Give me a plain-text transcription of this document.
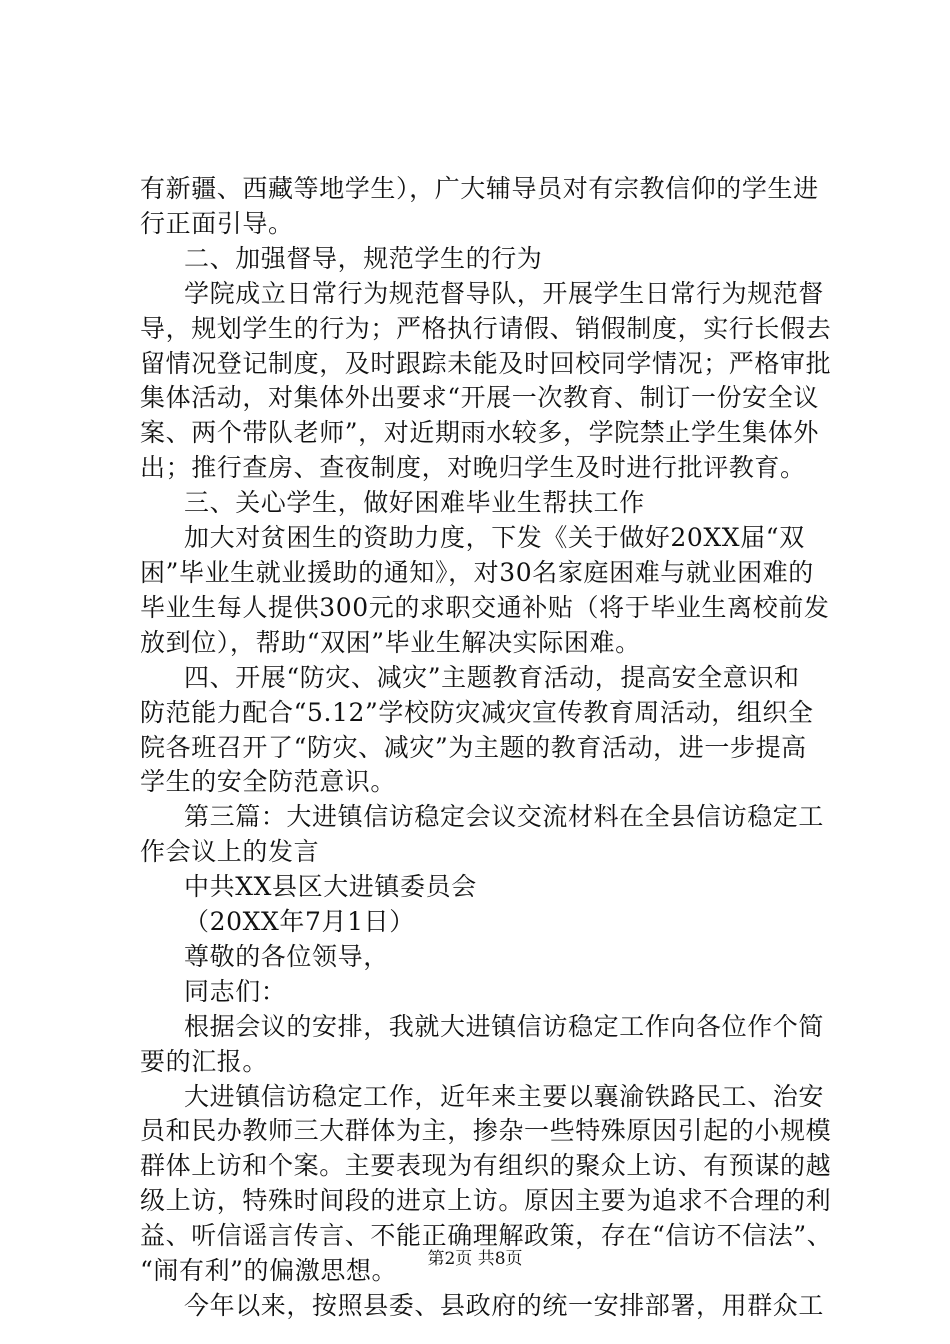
有新疆、西藏等地学生），广大辅导员对有宗教信仰的学生进

行正面引导。

二、加强督导，规范学生的行为

学院成立日常行为规范督导队，开展学生日常行为规范督

导，规划学生的行为；严格执行请假、销假制度，实行长假去

留情况登记制度，及时跟踪未能及时回校同学情况；严格审批

集体活动，对集体外出要求“开展一次教育、制订一份安全议

案、两个带队老师”，对近期雨水较多，学院禁止学生集体外

出；推行查房、查夜制度，对晚归学生及时进行批评教育。

三、关心学生，做好困难毕业生帮扶工作

加大对贫困生的资助力度，下发《关于做好20XX届“双

困”毕业生就业援助的通知》，对30名家庭困难与就业困难的

毕业生每人提供300元的求职交通补贴（将于毕业生离校前发

放到位），帮助“双困”毕业生解决实际困难。

四、开展“防灾、减灾”主题教育活动，提高安全意识和

防范能力配合“5.12”学校防灾减灾宣传教育周活动，组织全

院各班召开了“防灾、减灾”为主题的教育活动，进一步提高

学生的安全防范意识。

第三篇：大进镇信访稳定会议交流材料在全县信访稳定工

作会议上的发言

中共XX县区大进镇委员会

（20XX年7月1日）

尊敬的各位领导，

同志们：

根据会议的安排，我就大进镇信访稳定工作向各位作个简

要的汇报。

大进镇信访稳定工作，近年来主要以襄渝铁路民工、治安

员和民办教师三大群体为主，掺杂一些特殊原因引起的小规模

群体上访和个案。主要表现为有组织的聚众上访、有预谋的越

级上访，特殊时间段的进京上访。原因主要为追求不合理的利

益、听信谣言传言、不能正确理解政策，存在“信访不信法”、

“闹有利”的偏激思想。

今年以来，按照县委、县政府的统一安排部署，用群众工

第2页 共8页
